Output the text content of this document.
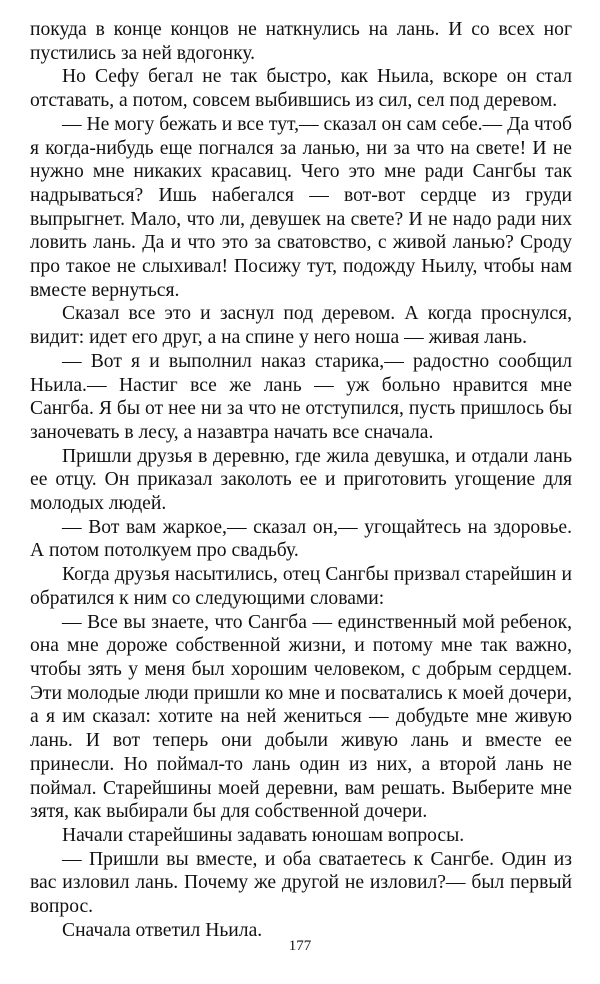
покуда в конце концов не наткнулись на лань. И со всех ног пустились за ней вдогонку.

Но Сефу бегал не так быстро, как Ньила, вскоре он стал отставать, а потом, совсем выбившись из сил, сел под деревом.

— Не могу бежать и все тут,— сказал он сам себе.— Да чтоб я когда-нибудь еще погнался за ланью, ни за что на свете! И не нужно мне никаких красавиц. Чего это мне ради Сангбы так надрываться? Ишь набегался — вот-вот сердце из груди выпрыгнет. Мало, что ли, девушек на свете? И не надо ради них ловить лань. Да и что это за сватовство, с живой ланью? Сроду про такое не слыхивал! Посижу тут, подожду Ньилу, чтобы нам вместе вернуться.

Сказал все это и заснул под деревом. А когда проснулся, видит: идет его друг, а на спине у него ноша — живая лань.

— Вот я и выполнил наказ старика,— радостно сообщил Ньила.— Настиг все же лань — уж больно нравится мне Сангба. Я бы от нее ни за что не отступился, пусть пришлось бы заночевать в лесу, а назавтра начать все сначала.

Пришли друзья в деревню, где жила девушка, и отдали лань ее отцу. Он приказал заколоть ее и приготовить угощение для молодых людей.

— Вот вам жаркое,— сказал он,— угощайтесь на здоровье. А потом потолкуем про свадьбу.

Когда друзья насытились, отец Сангбы призвал старейшин и обратился к ним со следующими словами:

— Все вы знаете, что Сангба — единственный мой ребенок, она мне дороже собственной жизни, и потому мне так важно, чтобы зять у меня был хорошим человеком, с добрым сердцем. Эти молодые люди пришли ко мне и посватались к моей дочери, а я им сказал: хотите на ней жениться — добудьте мне живую лань. И вот теперь они добыли живую лань и вместе ее принесли. Но поймал-то лань один из них, а второй лань не поймал. Старейшины моей деревни, вам решать. Выберите мне зятя, как выбирали бы для собственной дочери.

Начали старейшины задавать юношам вопросы.

— Пришли вы вместе, и оба сватаетесь к Сангбе. Один из вас изловил лань. Почему же другой не изловил?— был первый вопрос.

Сначала ответил Ньила.

177
